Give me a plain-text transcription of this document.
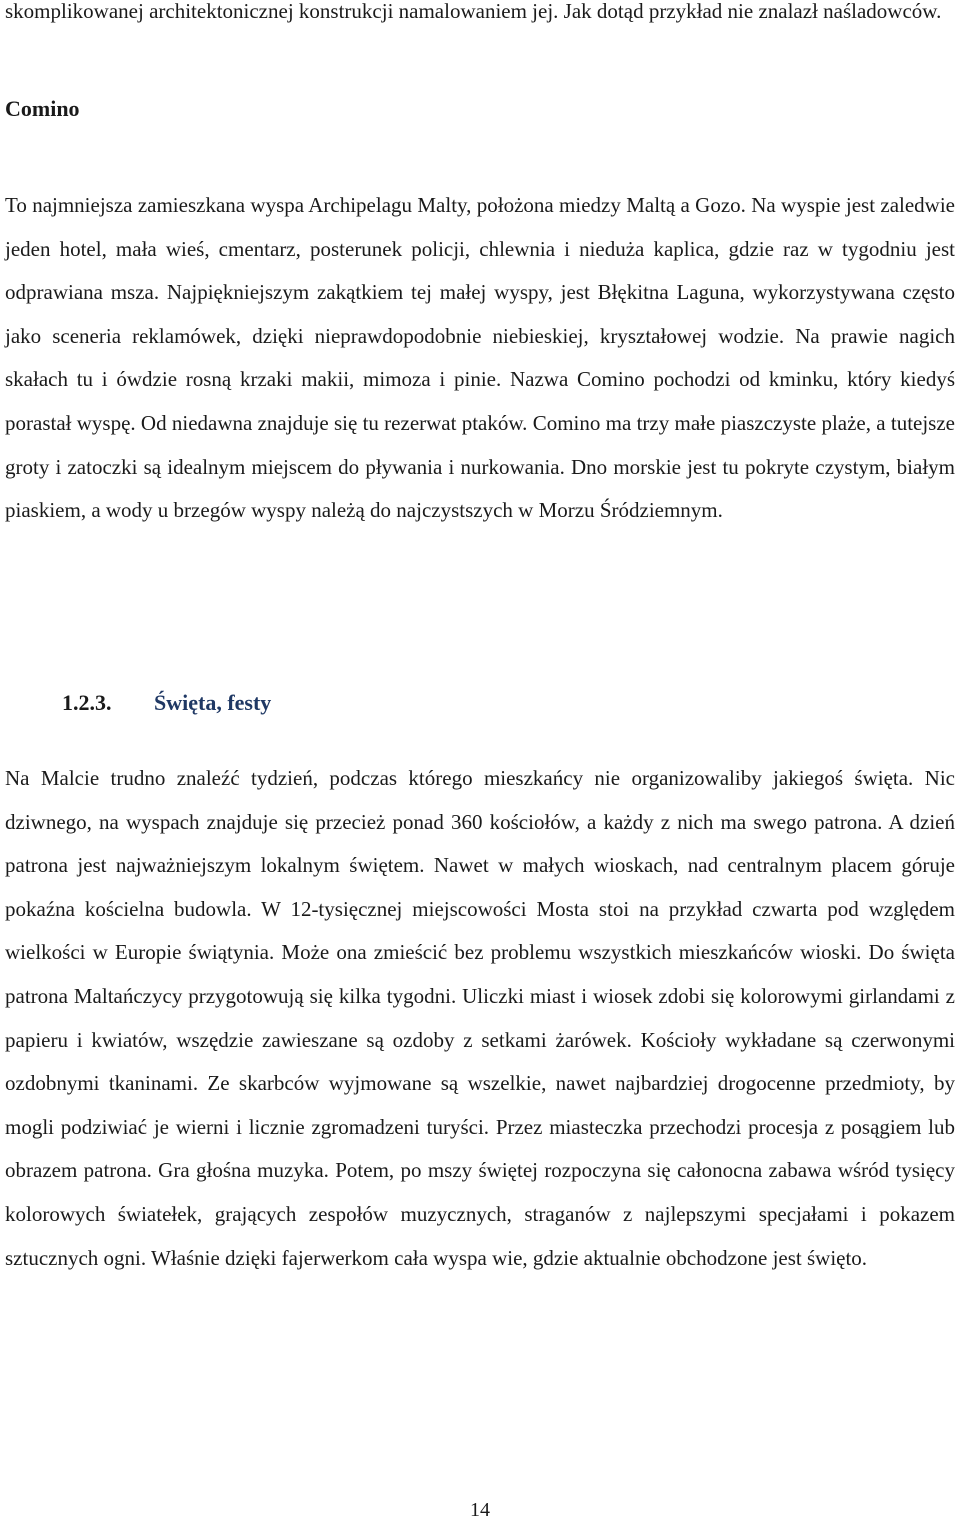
skomplikowanej architektonicznej konstrukcji namalowaniem jej. Jak dotąd przykład nie znalazł naśladowców.

Comino

To najmniejsza zamieszkana wyspa Archipelagu Malty, położona miedzy Maltą a Gozo. Na wyspie jest zaledwie jeden hotel, mała wieś, cmentarz, posterunek policji, chlewnia i nieduża kaplica, gdzie raz w tygodniu jest odprawiana msza. Najpiękniejszym zakątkiem tej małej wyspy, jest Błękitna Laguna, wykorzystywana często jako sceneria reklamówek, dzięki nieprawdopodobnie niebieskiej, kryształowej wodzie. Na prawie nagich skałach tu i ówdzie rosną krzaki makii, mimoza i pinie. Nazwa Comino pochodzi od kminku, który kiedyś porastał wyspę. Od niedawna znajduje się tu rezerwat ptaków. Comino ma trzy małe piaszczyste plaże, a tutejsze groty i zatoczki są idealnym miejscem do pływania i nurkowania. Dno morskie jest tu pokryte czystym, białym piaskiem, a wody u brzegów wyspy należą do najczystszych w Morzu Śródziemnym.

1.2.3. Święta, festy

Na Malcie trudno znaleźć tydzień, podczas którego mieszkańcy nie organizowaliby jakiegoś święta. Nic dziwnego, na wyspach znajduje się przecież ponad 360 kościołów, a każdy z nich ma swego patrona. A dzień patrona jest najważniejszym lokalnym świętem. Nawet w małych wioskach, nad centralnym placem góruje pokaźna kościelna budowla. W 12-tysięcznej miejscowości Mosta stoi na przykład czwarta pod względem wielkości w Europie świątynia. Może ona zmieścić bez problemu wszystkich mieszkańców wioski. Do święta patrona Maltańczycy przygotowują się kilka tygodni. Uliczki miast i wiosek zdobi się kolorowymi girlandami z papieru i kwiatów, wszędzie zawieszane są ozdoby z setkami żarówek. Kościoły wykładane są czerwonymi ozdobnymi tkaninami. Ze skarbców wyjmowane są wszelkie, nawet najbardziej drogocenne przedmioty, by mogli podziwiać je wierni i licznie zgromadzeni turyści. Przez miasteczka przechodzi procesja z posągiem lub obrazem patrona. Gra głośna muzyka. Potem, po mszy świętej rozpoczyna się całonocna zabawa wśród tysięcy kolorowych światełek, grających zespołów muzycznych, straganów z najlepszymi specjałami i pokazem sztucznych ogni. Właśnie dzięki fajerwerkom cała wyspa wie, gdzie aktualnie obchodzone jest święto.

14
